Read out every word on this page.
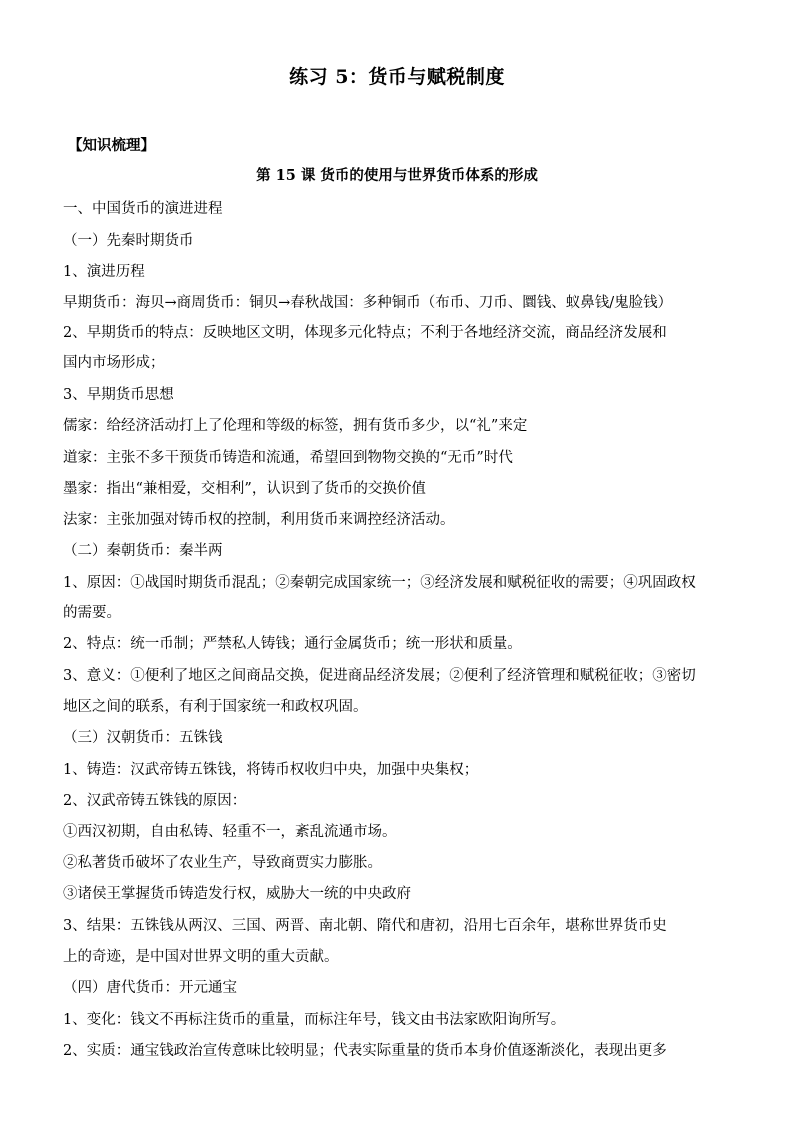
练习 5：货币与赋税制度
【知识梳理】
第 15 课 货币的使用与世界货币体系的形成
一、中国货币的演进进程
（一）先秦时期货币
1、演进历程
早期货币：海贝→商周货币：铜贝→春秋战国：多种铜币（布币、刀币、圜钱、蚁鼻钱/鬼脸钱）
2、早期货币的特点：反映地区文明，体现多元化特点；不利于各地经济交流，商品经济发展和
国内市场形成；
3、早期货币思想
儒家：给经济活动打上了伦理和等级的标签，拥有货币多少，以“礼”来定
道家：主张不多干预货币铸造和流通，希望回到物物交换的“无币”时代
墨家：指出“兼相爱，交相利”，认识到了货币的交换价值
法家：主张加强对铸币权的控制，利用货币来调控经济活动。
（二）秦朝货币：秦半两
1、原因：①战国时期货币混乱；②秦朝完成国家统一；③经济发展和赋税征收的需要；④巩固政权
的需要。
2、特点：统一币制；严禁私人铸钱；通行金属货币；统一形状和质量。
3、意义：①便利了地区之间商品交换，促进商品经济发展；②便利了经济管理和赋税征收；③密切
地区之间的联系，有利于国家统一和政权巩固。
（三）汉朝货币：五铢钱
1、铸造：汉武帝铸五铢钱，将铸币权收归中央，加强中央集权；
2、汉武帝铸五铢钱的原因：
①西汉初期，自由私铸、轻重不一，紊乱流通市场。
②私著货币破坏了农业生产，导致商贾实力膨胀。
③诸侯王掌握货币铸造发行权，威胁大一统的中央政府
3、结果：五铢钱从两汉、三国、两晋、南北朝、隋代和唐初，沿用七百余年，堪称世界货币史
上的奇迹，是中国对世界文明的重大贡献。
（四）唐代货币：开元通宝
1、变化：钱文不再标注货币的重量，而标注年号，钱文由书法家欧阳询所写。
2、实质：通宝钱政治宣传意味比较明显；代表实际重量的货币本身价值逐渐淡化，表现出更多
